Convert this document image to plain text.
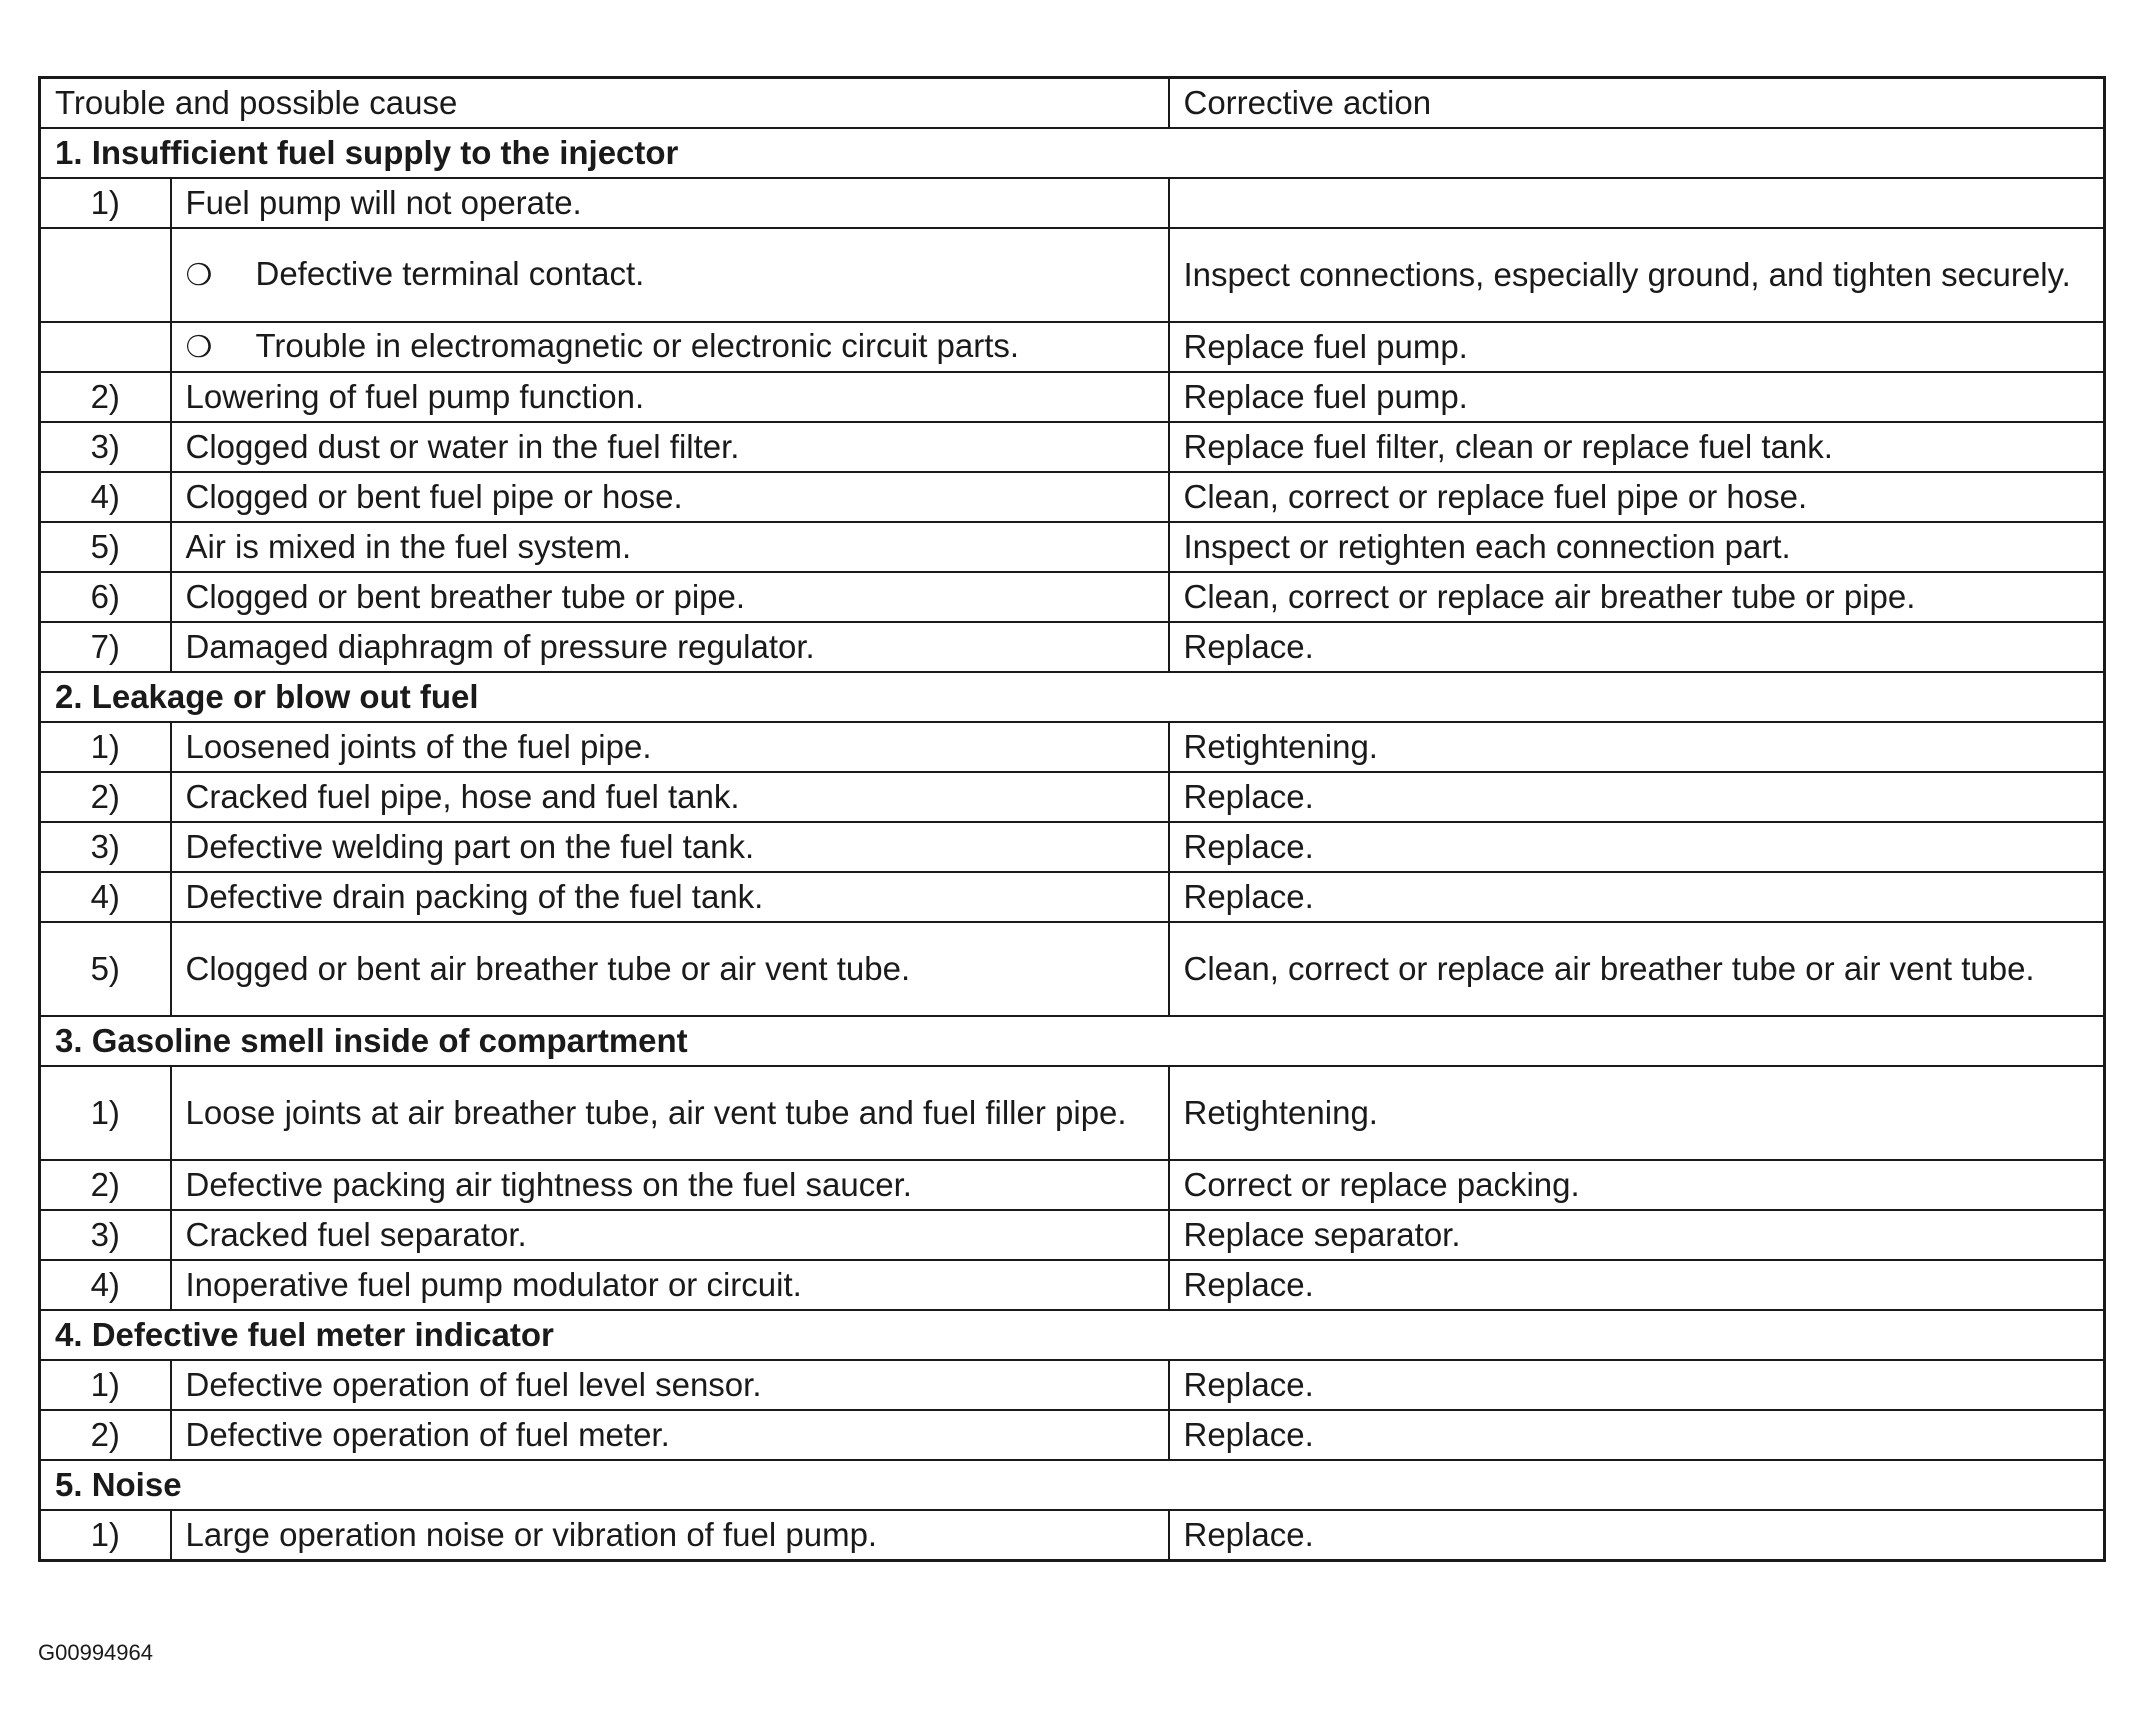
Trouble and possible cause		Corrective action
1. Insufficient fuel supply to the injector		
1)	Fuel pump will not operate.	
	❍ Defective terminal contact.	Inspect connections, especially ground, and tighten securely.
	❍ Trouble in electromagnetic or electronic circuit parts.	Replace fuel pump.
2)	Lowering of fuel pump function.	Replace fuel pump.
3)	Clogged dust or water in the fuel filter.	Replace fuel filter, clean or replace fuel tank.
4)	Clogged or bent fuel pipe or hose.	Clean, correct or replace fuel pipe or hose.
5)	Air is mixed in the fuel system.	Inspect or retighten each connection part.
6)	Clogged or bent breather tube or pipe.	Clean, correct or replace air breather tube or pipe.
7)	Damaged diaphragm of pressure regulator.	Replace.
2. Leakage or blow out fuel		
1)	Loosened joints of the fuel pipe.	Retightening.
2)	Cracked fuel pipe, hose and fuel tank.	Replace.
3)	Defective welding part on the fuel tank.	Replace.
4)	Defective drain packing of the fuel tank.	Replace.
5)	Clogged or bent air breather tube or air vent tube.	Clean, correct or replace air breather tube or air vent tube.
3. Gasoline smell inside of compartment		
1)	Loose joints at air breather tube, air vent tube and fuel filler pipe.	Retightening.
2)	Defective packing air tightness on the fuel saucer.	Correct or replace packing.
3)	Cracked fuel separator.	Replace separator.
4)	Inoperative fuel pump modulator or circuit.	Replace.
4. Defective fuel meter indicator		
1)	Defective operation of fuel level sensor.	Replace.
2)	Defective operation of fuel meter.	Replace.
5. Noise		
1)	Large operation noise or vibration of fuel pump.	Replace.
G00994964
